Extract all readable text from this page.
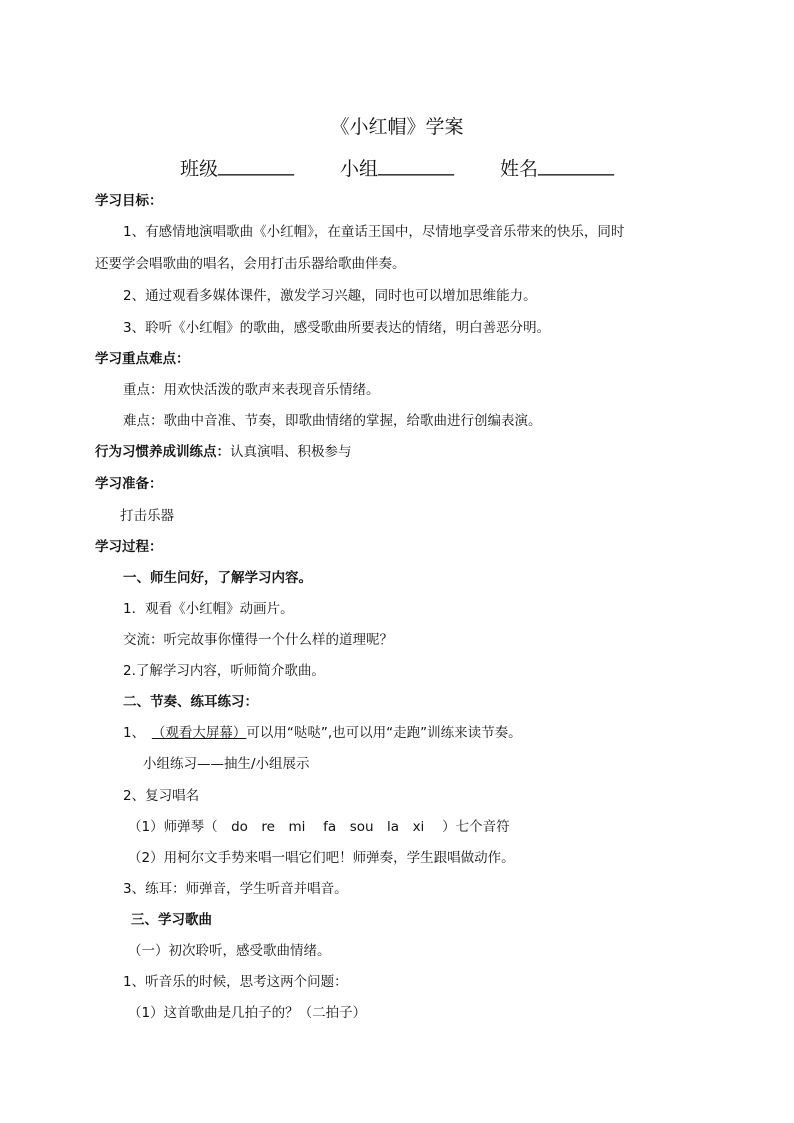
《小红帽》学案
班级 ________ 小组 ________ 姓名 ________
学习目标：
1、有感情地演唱歌曲《小红帽》，在童话王国中，尽情地享受音乐带来的快乐，同时
还要学会唱歌曲的唱名，会用打击乐器给歌曲伴奏。
2、通过观看多媒体课件，激发学习兴趣，同时也可以增加思维能力。
3、聆听《小红帽》的歌曲，感受歌曲所要表达的情绪，明白善恶分明。
学习重点难点：
重点：用欢快活泼的歌声来表现音乐情绪。
难点：歌曲中音准、节奏，即歌曲情绪的掌握，给歌曲进行创编表演。
行为习惯养成训练点：认真演唱、积极参与
学习准备：
打击乐器
学习过程：
一、师生问好，了解学习内容。
1．观看《小红帽》动画片。
交流：听完故事你懂得一个什么样的道理呢？
2.了解学习内容，听师简介歌曲。
二、节奏、练耳练习：
1、  （观看大屏幕）可以用“哒哒”,也可以用“走跑”训练来读节奏。
小组练习——抽生/小组展示
2、复习唱名
（1）师弹琴（　do　re　mi　 fa　sou　la　xi　 ）七个音符
（2）用柯尔文手势来唱一唱它们吧！师弹奏，学生跟唱做动作。
3、练耳：师弹音，学生听音并唱音。
三、学习歌曲
（一）初次聆听，感受歌曲情绪。
1、听音乐的时候，思考这两个问题：
（1）这首歌曲是几拍子的？（二拍子）
